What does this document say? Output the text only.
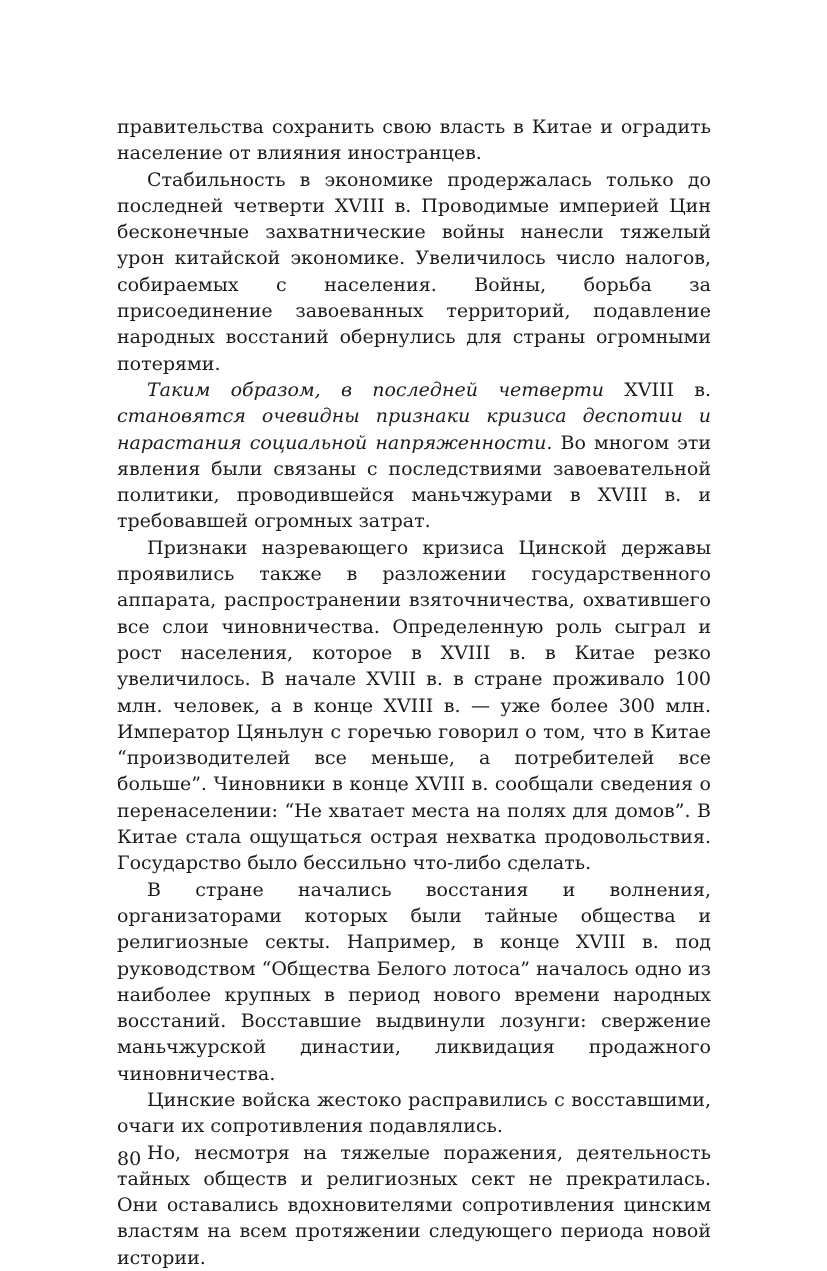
правительства сохранить свою власть в Китае и оградить население от влияния иностранцев.

Стабильность в экономике продержалась только до последней четверти XVIII в. Проводимые империей Цин бесконечные захватнические войны нанесли тяжелый урон китайской экономике. Увеличилось число налогов, собираемых с населения. Войны, борьба за присоединение завоеванных территорий, подавление народных восстаний обернулись для страны огромными потерями.

Таким образом, в последней четверти XVIII в. становятся очевидны признаки кризиса деспотии и нарастания социальной напряженности. Во многом эти явления были связаны с последствиями завоевательной политики, проводившейся маньчжурами в XVIII в. и требовавшей огромных затрат.

Признаки назревающего кризиса Цинской державы проявились также в разложении государственного аппарата, распространении взяточничества, охватившего все слои чиновничества. Определенную роль сыграл и рост населения, которое в XVIII в. в Китае резко увеличилось. В начале XVIII в. в стране проживало 100 млн. человек, а в конце XVIII в. — уже более 300 млн. Император Цяньлун с горечью говорил о том, что в Китае “производителей все меньше, а потребителей все больше”. Чиновники в конце XVIII в. сообщали сведения о перенаселении: “Не хватает места на полях для домов”. В Китае стала ощущаться острая нехватка продовольствия. Государство было бессильно что-либо сделать.

В стране начались восстания и волнения, организаторами которых были тайные общества и религиозные секты. Например, в конце XVIII в. под руководством “Общества Белого лотоса” началось одно из наиболее крупных в период нового времени народных восстаний. Восставшие выдвинули лозунги: свержение маньчжурской династии, ликвидация продажного чиновничества.

Цинские войска жестоко расправились с восставшими, очаги их сопротивления подавлялись.

Но, несмотря на тяжелые поражения, деятельность тайных обществ и религиозных сект не прекратилась. Они оставались вдохновителями сопротивления цинским властям на всем протяжении следующего периода новой истории.

80
